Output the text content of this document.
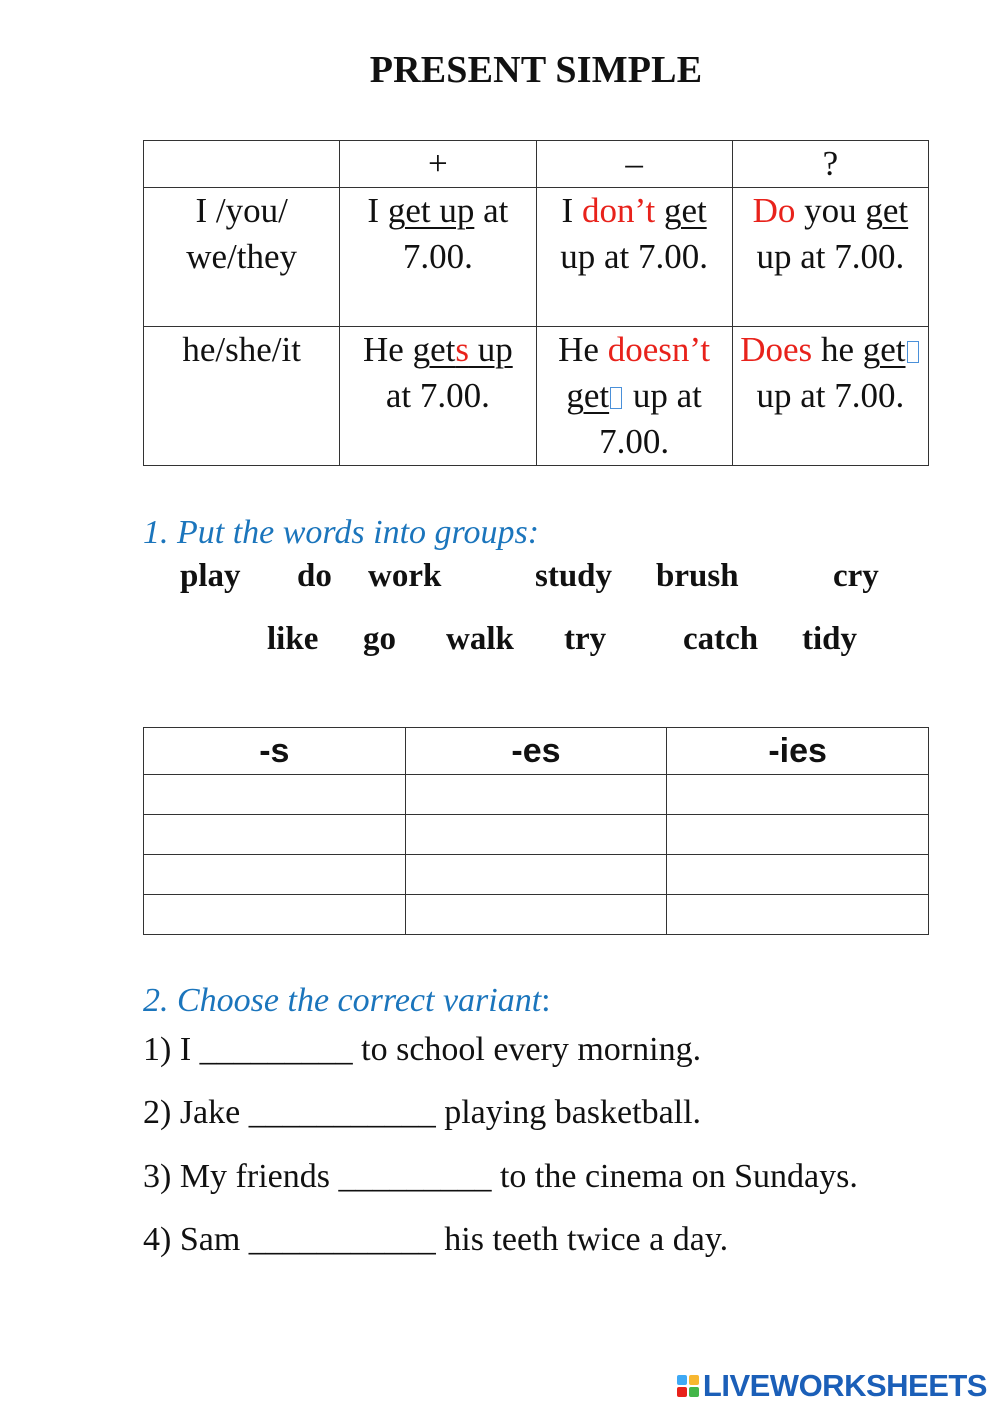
PRESENT SIMPLE
	+	–	?
I /you/ we/they	I get up at 7.00.	I don’t get up at 7.00.	Do you get up at 7.00.
he/she/it	He gets up at 7.00.	He doesn’t get up at 7.00.	Does he get up at 7.00.
1. Put the words into groups:
play do work	study brush	cry
like go walk try catch tidy
-s	-es	-ies

2. Choose the correct variant:
1) I _________ to school every morning.
2) Jake ___________ playing basketball.
3) My friends _________ to the cinema on Sundays.
4) Sam ___________ his teeth twice a day.
LIVEWORKSHEETS
